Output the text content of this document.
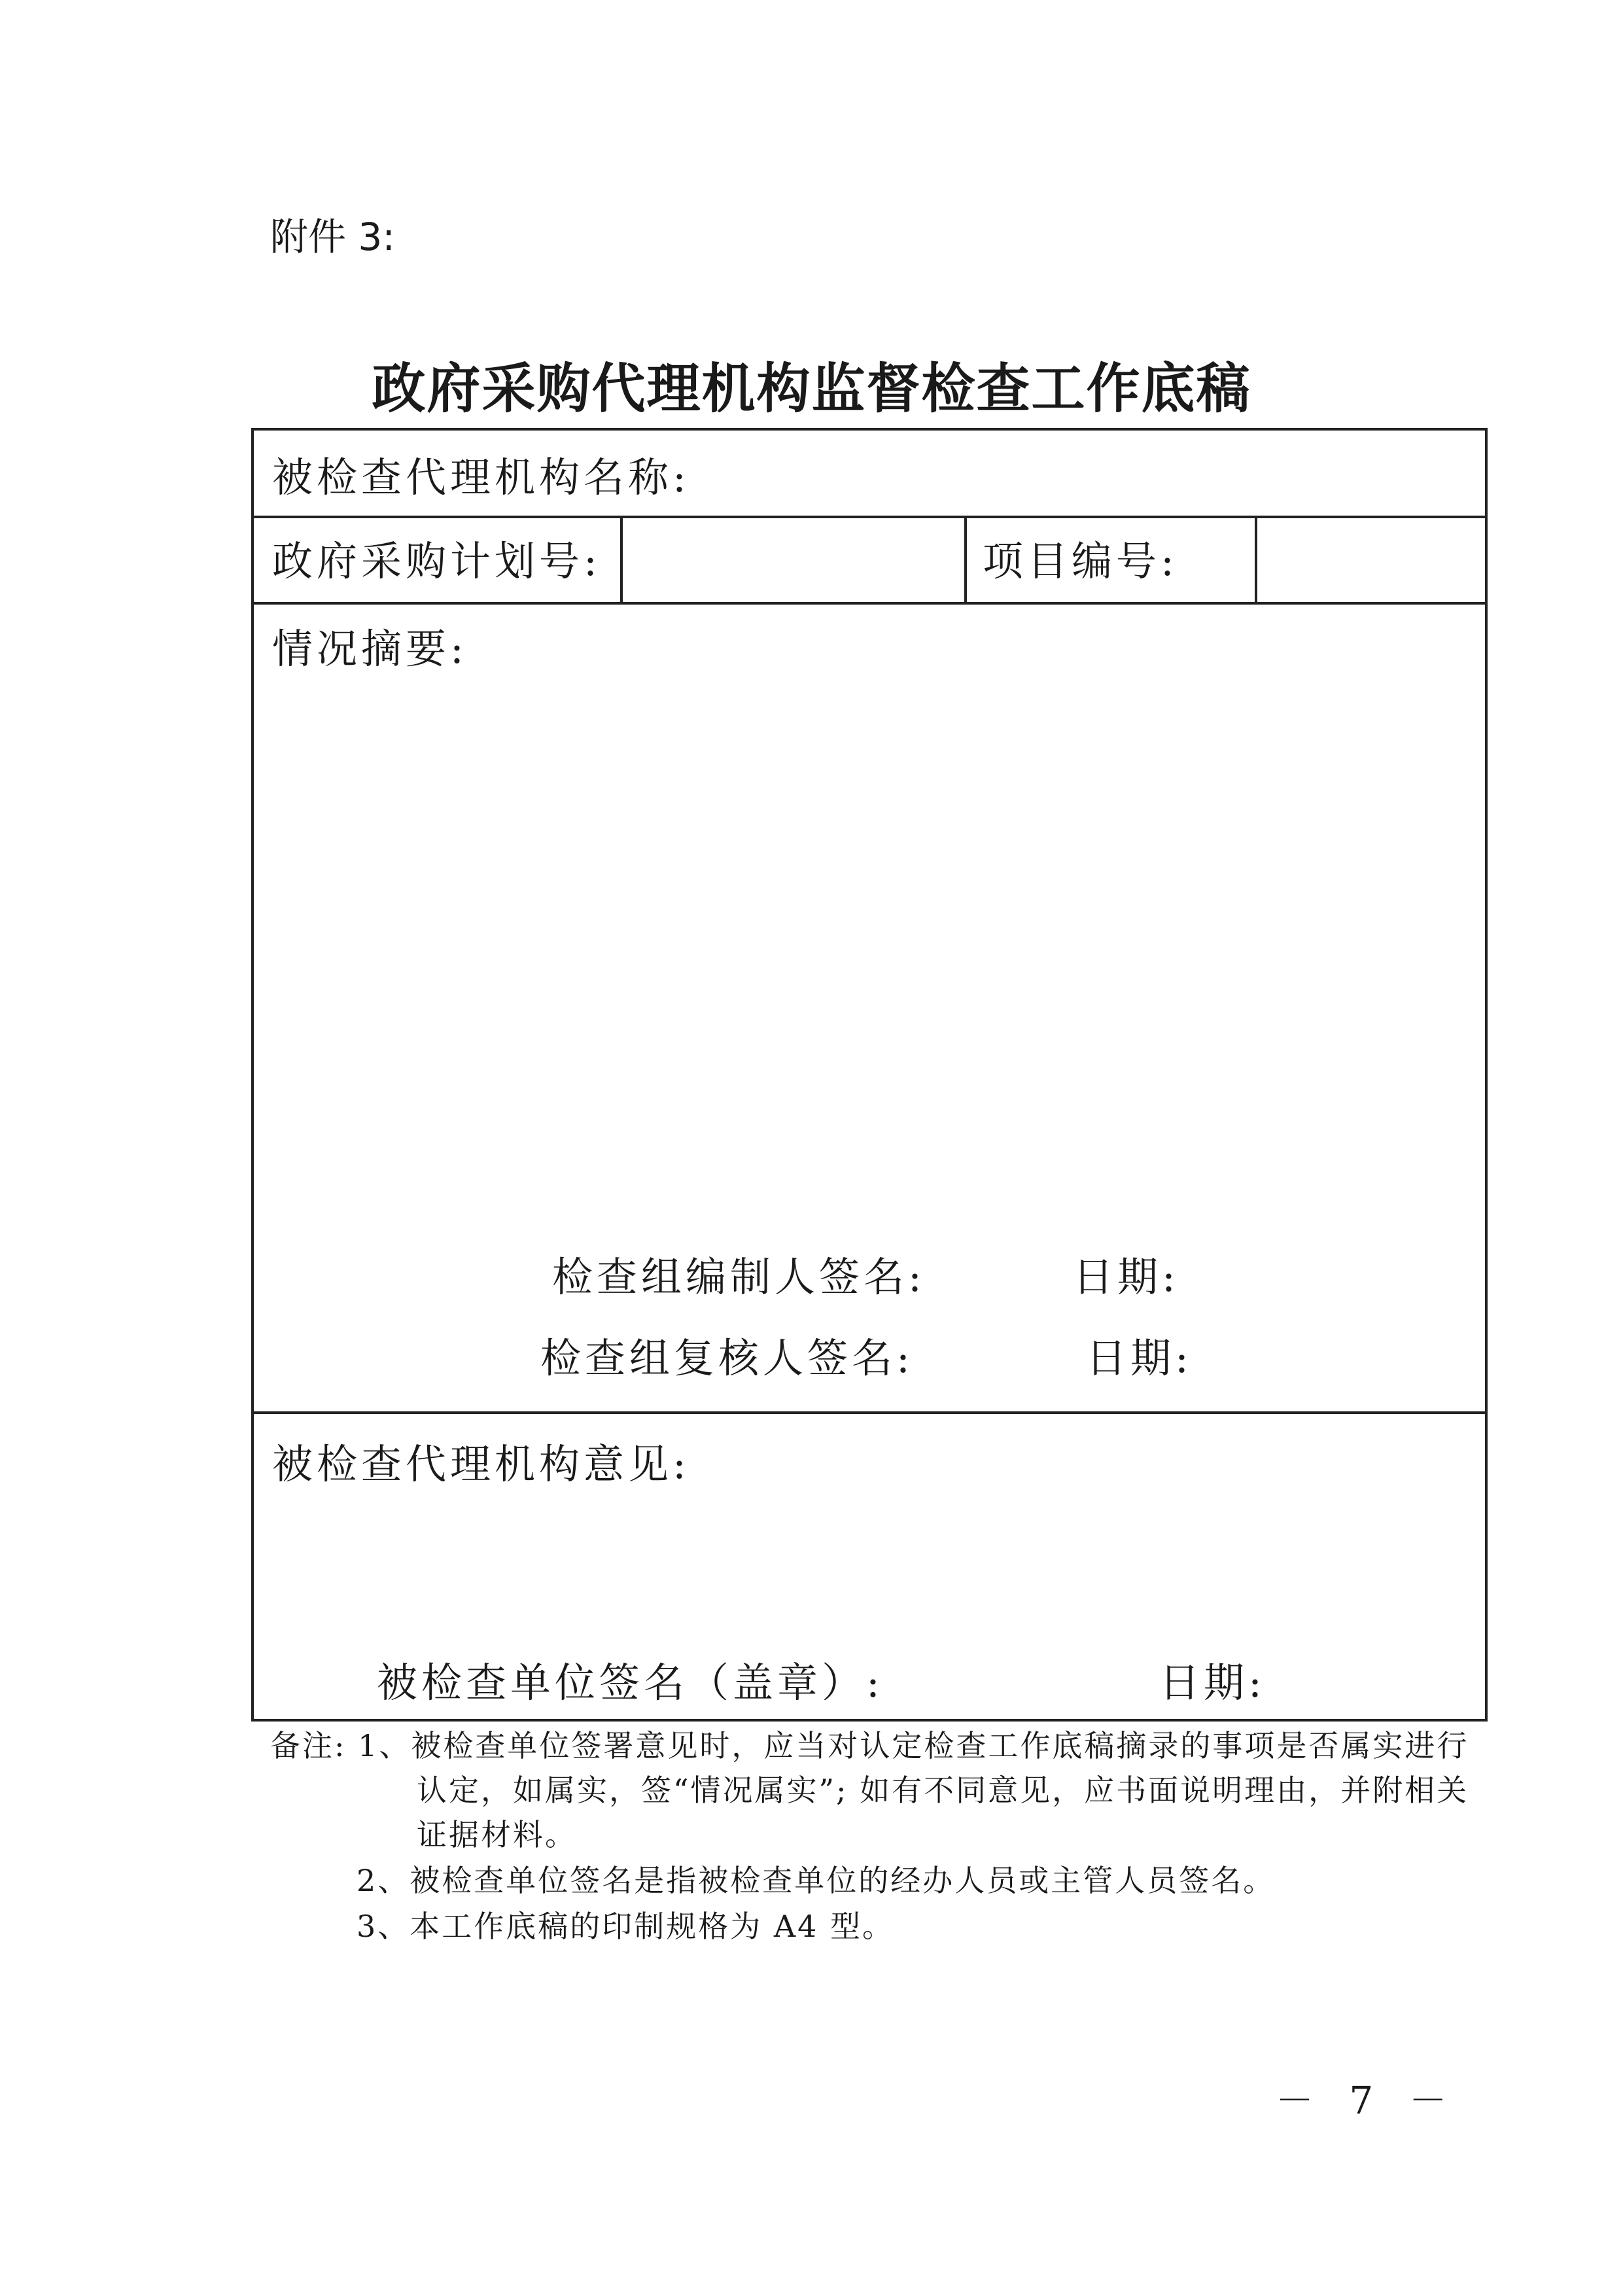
附件 3:
政府采购代理机构监督检查工作底稿
被检查代理机构名称:
政府采购计划号:	项目编号:
情况摘要:
检查组编制人签名:	日期:
检查组复核人签名:	日期:
被检查代理机构意见:
被检查单位签名（盖章）:	日期:
备注: 1、被检查单位签署意见时，应当对认定检查工作底稿摘录的事项是否属实进行
认定，如属实，签“情况属实”; 如有不同意见，应书面说明理由，并附相关
证据材料。
2、被检查单位签名是指被检查单位的经办人员或主管人员签名。
3、本工作底稿的印制规格为 A4 型。
－ 7 －
